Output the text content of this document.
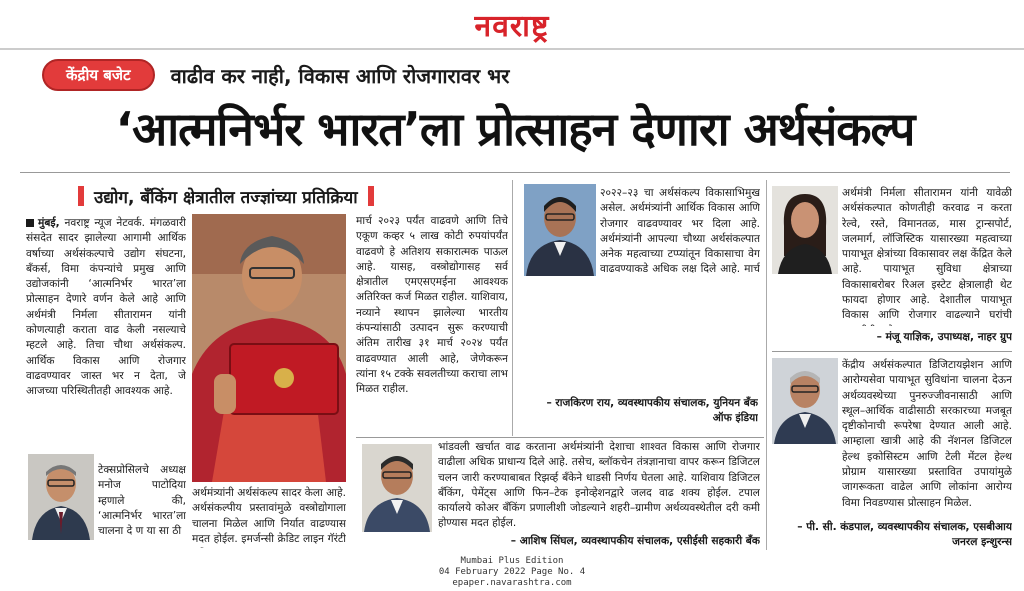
नवराष्ट्र
केंद्रीय बजेट	वाढीव कर नाही, विकास आणि रोजगारावर भर
‘आत्मनिर्भर भारत’ला प्रोत्साहन देणारा अर्थसंकल्प
उद्योग, बँकिंग क्षेत्रातील तज्ज्ञांच्या प्रतिक्रिया

मुंबई, नवराष्ट्र न्यूज नेटवर्क. मंगळवारी संसदेत सादर झालेल्या आगामी आर्थिक वर्षाच्या अर्थसंकल्पाचे उद्योग संघटना, बँकर्स, विमा कंपन्यांचे प्रमुख आणि उद्योजकांनी ‘आत्मनिर्भर भारत’ला प्रोत्साहन देणारे वर्णन केले आहे आणि अर्थमंत्री निर्मला सीतारामन यांनी कोणत्याही कराता वाढ केली नसल्याचे म्हटले आहे. तिचा चौथा अर्थसंकल्प. आर्थिक विकास आणि रोजगार वाढवण्यावर जास्त भर न देता, जे आजच्या परिस्थितीतही आवश्यक आहे.

टेक्सप्रोसिलचे अध्यक्ष मनोज पाटोदिया म्हणाले की, ‘आत्मनिर्भर भारत’ला चालना दे ण या सा ठी

अर्थमंत्र्यांनी अर्थसंकल्प सादर केला आहे. अर्थसंकल्पीय प्रस्तावांमुळे वस्त्रोद्योगाला चालना मिळेल आणि निर्यात वाढण्यास मदत होईल. इमर्जन्सी क्रेडिट लाइन गॅरंटी

मार्च २०२३ पर्यंत वाढवणे आणि तिचे एकूण कव्हर ५ लाख कोटी रुपयांपर्यंत वाढवणे हे अतिशय सकारात्मक पाऊल आहे. यासह, वस्त्रोद्योगासह सर्व क्षेत्रातील एमएसएमईना आवश्यक अतिरिक्त कर्ज मिळत राहील. याशिवाय, नव्याने स्थापन झालेल्या भारतीय कंपन्यांसाठी उत्पादन सुरू करण्याची अंतिम तारीख ३१ मार्च २०२४ पर्यंत वाढवण्यात आली आहे, जेणेकरून त्यांना १५ टक्के सवलतीच्या कराचा लाभ मिळत राहील.

२०२२–२३ चा अर्थसंकल्प विकासाभिमुख असेल. अर्थमंत्र्यांनी आर्थिक विकास आणि रोजगार वाढवण्यावर भर दिला आहे. अर्थमंत्र्यांनी आपल्या चौथ्या अर्थसंकल्पात अनेक महत्वाच्या टप्प्यांतून विकासाचा वेग वाढवण्याकडे अधिक लक्ष दिले आहे. मार्च

– राजकिरण राय, व्यवस्थापकीय संचालक, युनियन बँक ऑफ इंडिया

भांडवली खर्चात वाढ करताना अर्थमंत्र्यांनी देशाचा शाश्वत विकास आणि रोजगार वाढीला अधिक प्राधान्य दिले आहे. तसेच, ब्लॉकचेन तंत्रज्ञानाचा वापर करून डिजिटल चलन जारी करण्याबाबत रिझर्व्ह बँकेने धाडसी निर्णय घेतला आहे. याशिवाय डिजिटल बँकिंग, पेमेंट्स आणि फिन–टेक इनोव्हेशनद्वारे जलद वाढ शक्य होईल. टपाल कार्यालये कोअर बँकिंग प्रणालीशी जोडल्याने शहरी–ग्रामीण अर्थव्यवस्थेतील दरी कमी होण्यास मदत होईल.

– आशिष सिंघल, व्यवस्थापकीय संचालक, एसीईसी सहकारी बँक

अर्थमंत्री निर्मला सीतारामन यांनी यावेळी अर्थसंकल्पात कोणतीही करवाढ न करता रेल्वे, रस्ते, विमानतळ, मास ट्रान्सपोर्ट, जलमार्ग, लॉजिस्टिक यासारख्या महत्वाच्या पायाभूत क्षेत्रांच्या विकासावर लक्ष केंद्रित केले आहे. पायाभूत सुविधा क्षेत्राच्या विकासाबरोबर रिअल इस्टेट क्षेत्रालाही थेट फायदा होणार आहे. देशातील पायाभूत विकास आणि रोजगार वाढल्याने घरांची

– मंजू याज्ञिक, उपाध्यक्ष, नाहर ग्रुप

केंद्रीय अर्थसंकल्पात डिजिटायझेशन आणि आरोग्यसेवा पायाभूत सुविधांना चालना देऊन अर्थव्यवस्थेच्या पुनरुज्जीवनासाठी आणि स्थूल–आर्थिक वाढीसाठी सरकारच्या मजबूत दृष्टीकोनाची रूपरेषा देण्यात आली आहे. आम्हाला खात्री आहे की नॅशनल डिजिटल हेल्थ इकोसिस्टम आणि टेली मेंटल हेल्थ प्रोग्राम यासारख्या प्रस्तावित उपायांमुळे जागरूकता वाढेल आणि लोकांना आरोग्य विमा निवडण्यास प्रोत्साहन मिळेल.

– पी. सी. कंडपाल, व्यवस्थापकीय संचालक, एसबीआय जनरल इन्शुरन्स

Mumbai Plus Edition
04 February 2022 Page No. 4
epaper.navarashtra.com
